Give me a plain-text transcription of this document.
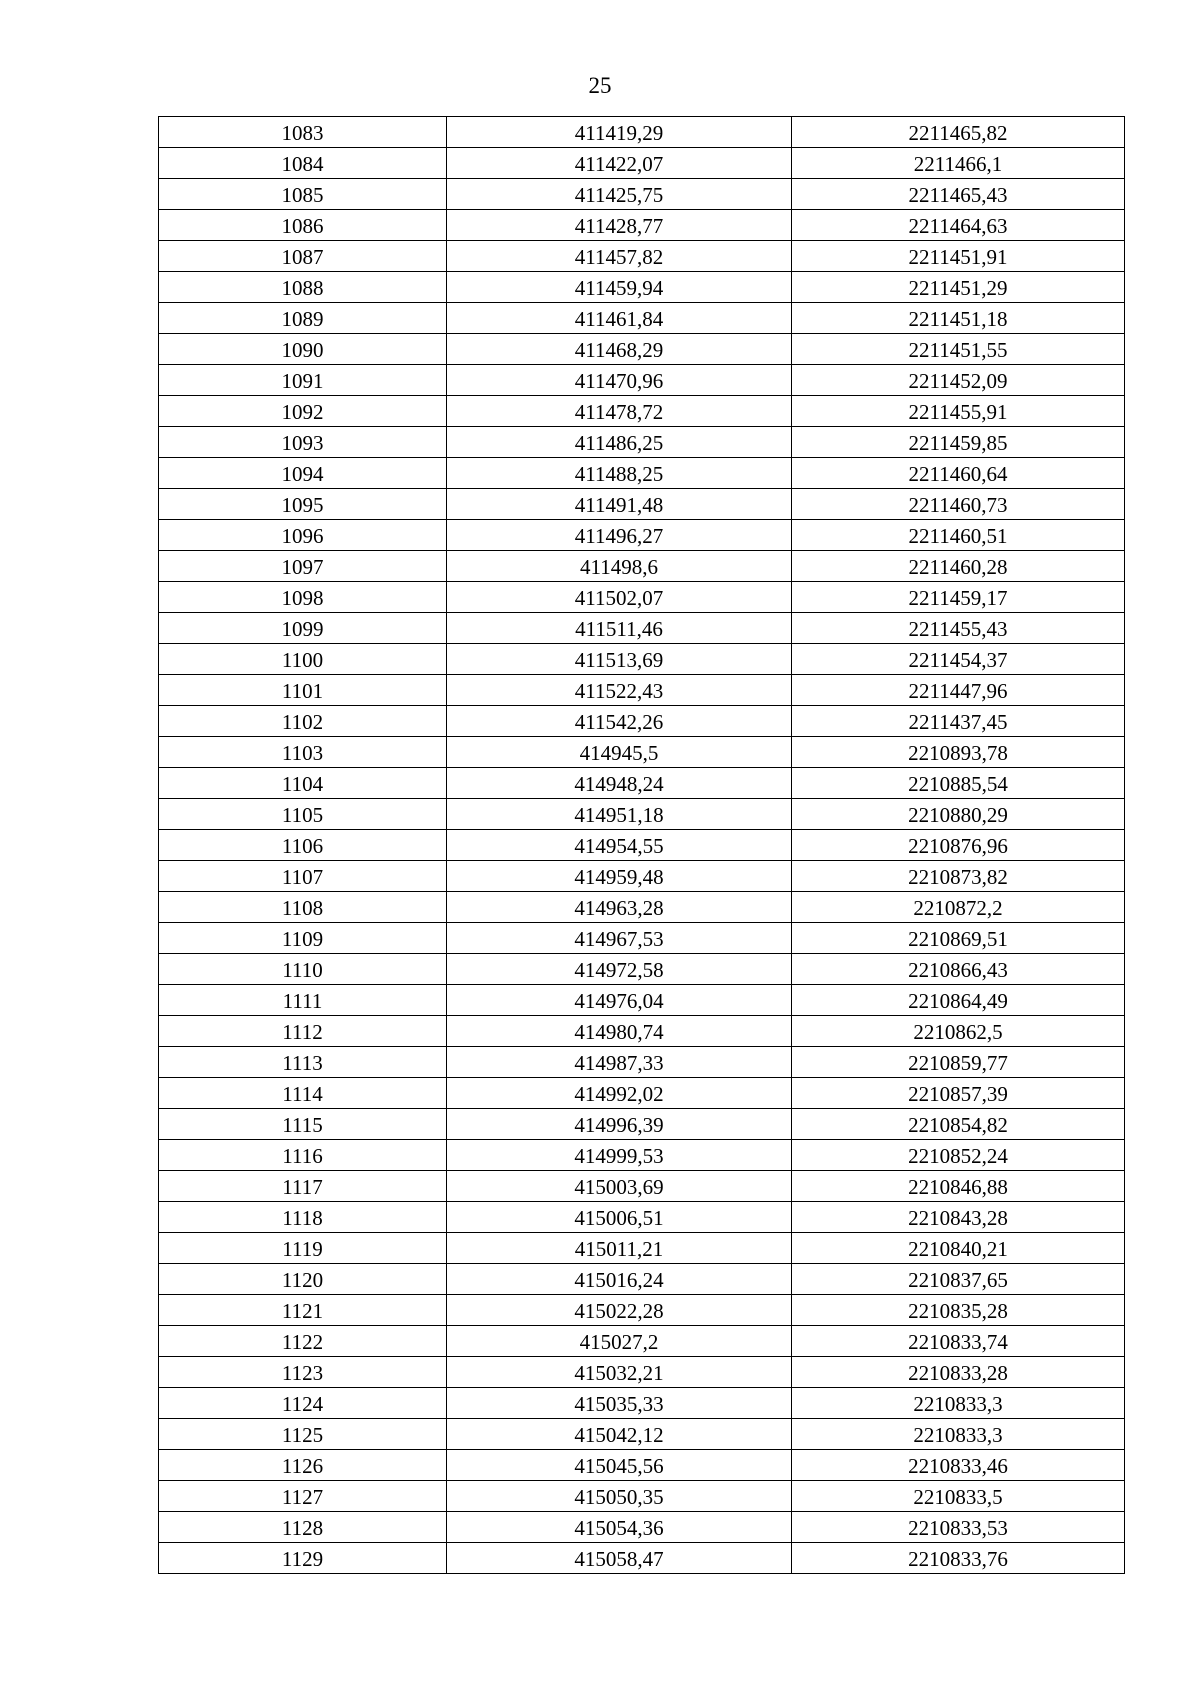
25
1083	411419,29	2211465,82
1084	411422,07	2211466,1
1085	411425,75	2211465,43
1086	411428,77	2211464,63
1087	411457,82	2211451,91
1088	411459,94	2211451,29
1089	411461,84	2211451,18
1090	411468,29	2211451,55
1091	411470,96	2211452,09
1092	411478,72	2211455,91
1093	411486,25	2211459,85
1094	411488,25	2211460,64
1095	411491,48	2211460,73
1096	411496,27	2211460,51
1097	411498,6	2211460,28
1098	411502,07	2211459,17
1099	411511,46	2211455,43
1100	411513,69	2211454,37
1101	411522,43	2211447,96
1102	411542,26	2211437,45
1103	414945,5	2210893,78
1104	414948,24	2210885,54
1105	414951,18	2210880,29
1106	414954,55	2210876,96
1107	414959,48	2210873,82
1108	414963,28	2210872,2
1109	414967,53	2210869,51
1110	414972,58	2210866,43
1111	414976,04	2210864,49
1112	414980,74	2210862,5
1113	414987,33	2210859,77
1114	414992,02	2210857,39
1115	414996,39	2210854,82
1116	414999,53	2210852,24
1117	415003,69	2210846,88
1118	415006,51	2210843,28
1119	415011,21	2210840,21
1120	415016,24	2210837,65
1121	415022,28	2210835,28
1122	415027,2	2210833,74
1123	415032,21	2210833,28
1124	415035,33	2210833,3
1125	415042,12	2210833,3
1126	415045,56	2210833,46
1127	415050,35	2210833,5
1128	415054,36	2210833,53
1129	415058,47	2210833,76
